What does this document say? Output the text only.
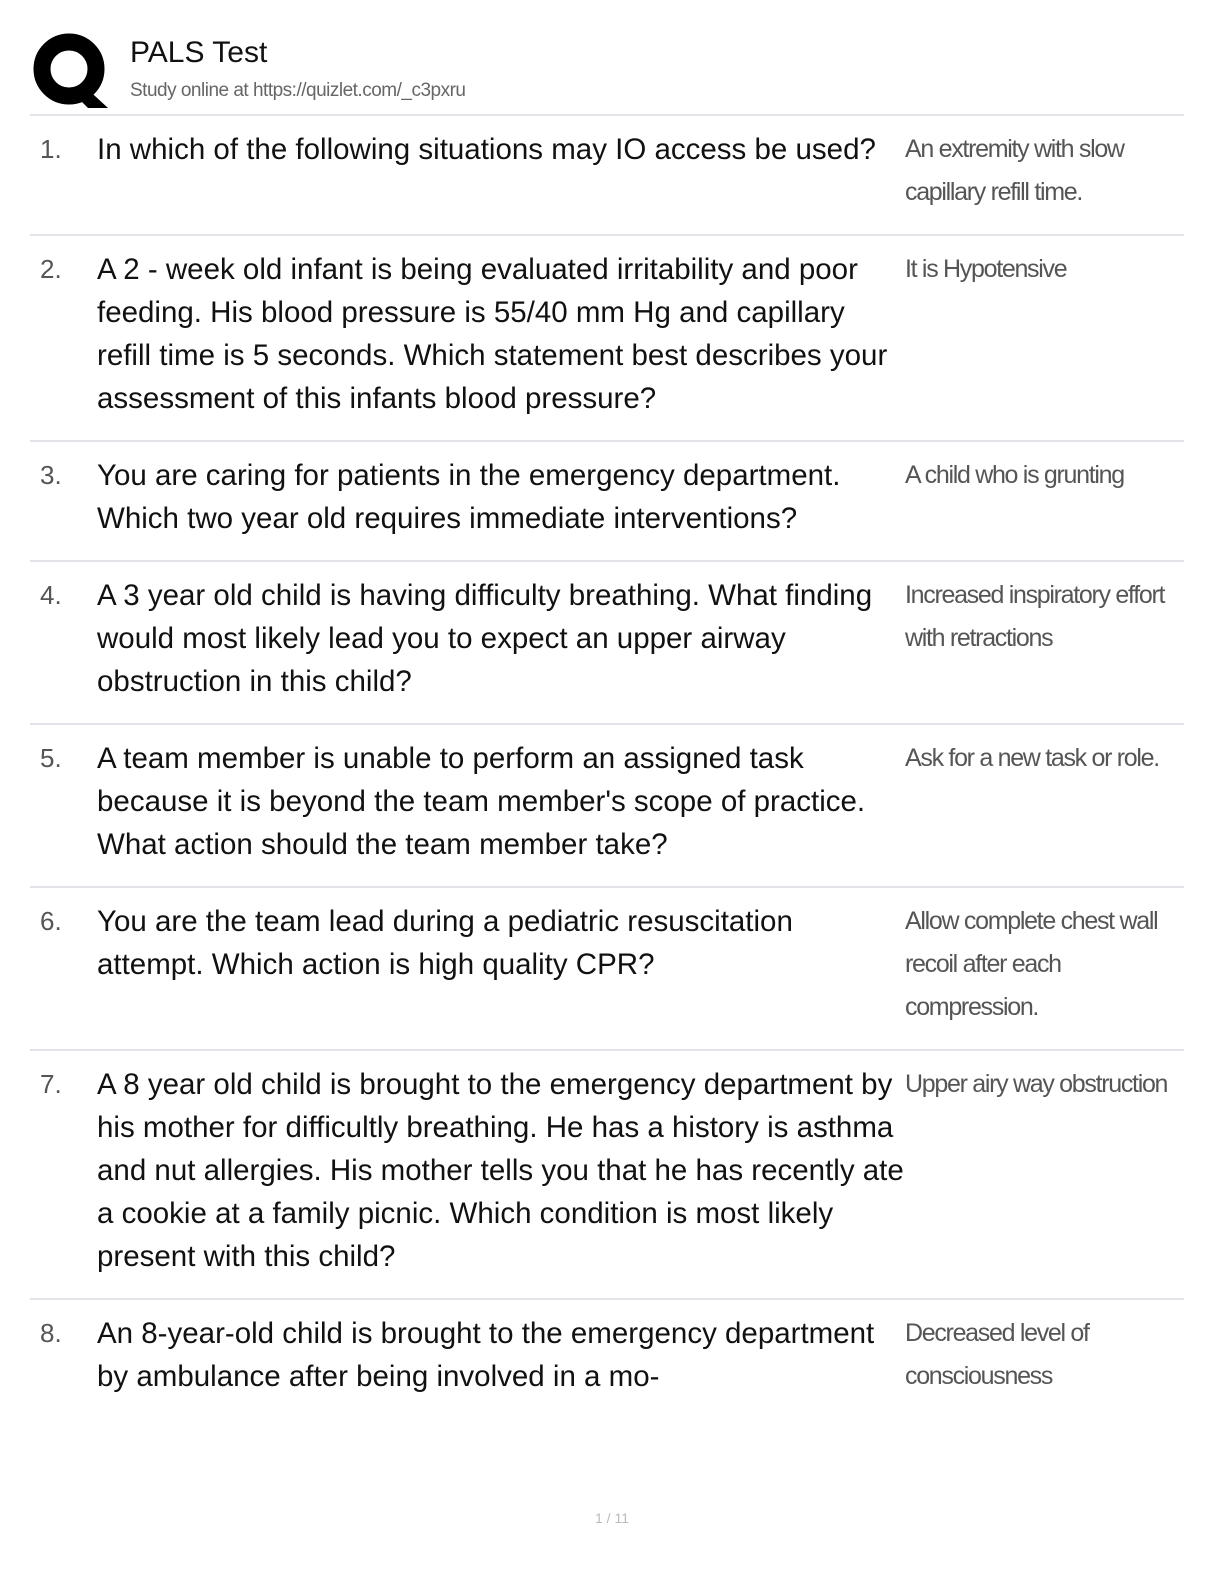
PALS Test
Study online at https://quizlet.com/_c3pxru
1.	In which of the following situations may IO access be used?	An extremity with slow capillary refill time.
2.	A 2 - week old infant is being evaluated irritability and poor feeding. His blood pressure is 55/40 mm Hg and capillary refill time is 5 seconds. Which statement best describes your assessment of this infants blood pressure?
It is Hypotensive
3.	You are caring for patients in the emergency department. Which two year old requires immediate interventions?
A child who is grunting
4.	A 3 year old child is having difficulty breathing. What finding would most likely lead you to expect an upper airway obstruction in this child?
Increased inspiratory effort with retractions
5.	A team member is unable to perform an assigned task because it is beyond the team member's scope of practice. What action should the team member take?
Ask for a new task or role.
6.	You are the team lead during a pediatric resuscitation attempt. Which action is high quality CPR?
Allow complete chest wall recoil after each compression.
7.	A 8 year old child is brought to the emergency department by his mother for difficultly breathing. He has a history is asthma and nut allergies. His mother tells you that he has recently ate a cookie at a family picnic. Which condition is most likely present with this child?
Upper airy way obstruction
8.	An 8-year-old child is brought to the emergency department by ambulance after being involved in a mo-
Decreased level of consciousness
1 / 11
